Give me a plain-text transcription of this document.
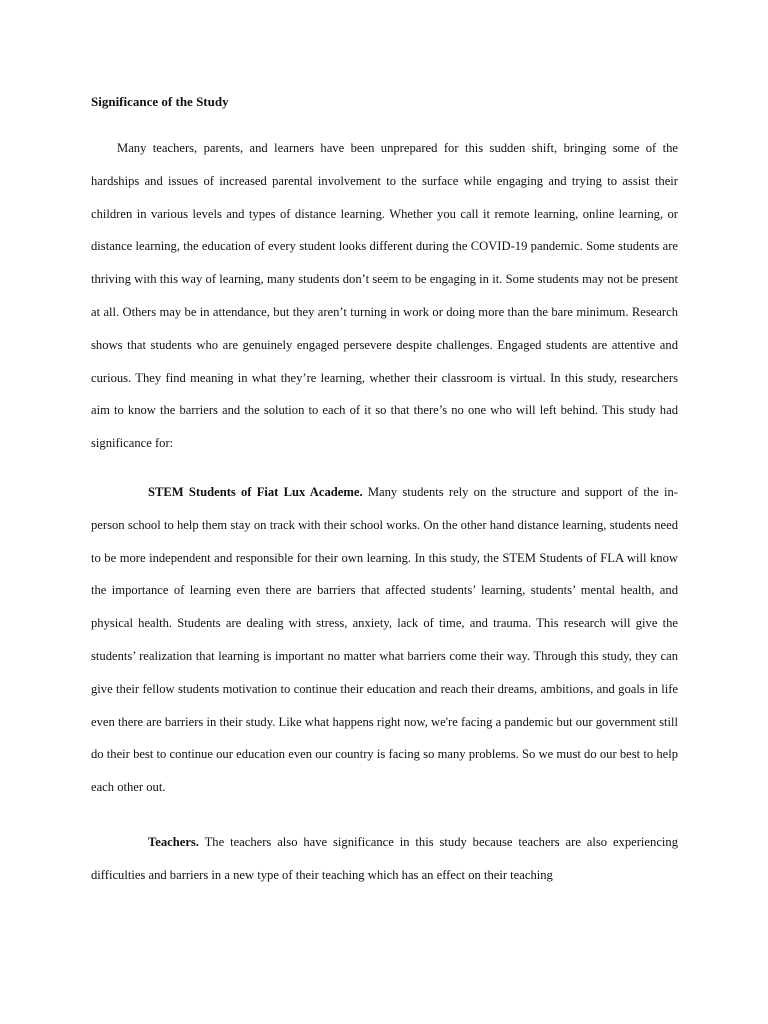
Significance of the Study

Many teachers, parents, and learners have been unprepared for this sudden shift, bringing some of the hardships and issues of increased parental involvement to the surface while engaging and trying to assist their children in various levels and types of distance learning. Whether you call it remote learning, online learning, or distance learning, the education of every student looks different during the COVID-19 pandemic. Some students are thriving with this way of learning, many students don’t seem to be engaging in it. Some students may not be present at all. Others may be in attendance, but they aren’t turning in work or doing more than the bare minimum. Research shows that students who are genuinely engaged persevere despite challenges. Engaged students are attentive and curious. They find meaning in what they’re learning, whether their classroom is virtual. In this study, researchers aim to know the barriers and the solution to each of it so that there’s no one who will left behind. This study had significance for:

STEM Students of Fiat Lux Academe. Many students rely on the structure and support of the in-person school to help them stay on track with their school works. On the other hand distance learning, students need to be more independent and responsible for their own learning. In this study, the STEM Students of FLA will know the importance of learning even there are barriers that affected students’ learning, students’ mental health, and physical health. Students are dealing with stress, anxiety, lack of time, and trauma. This research will give the students’ realization that learning is important no matter what barriers come their way. Through this study, they can give their fellow students motivation to continue their education and reach their dreams, ambitions, and goals in life even there are barriers in their study. Like what happens right now, we're facing a pandemic but our government still do their best to continue our education even our country is facing so many problems. So we must do our best to help each other out.

Teachers. The teachers also have significance in this study because teachers are also experiencing difficulties and barriers in a new type of their teaching which has an effect on their teaching
